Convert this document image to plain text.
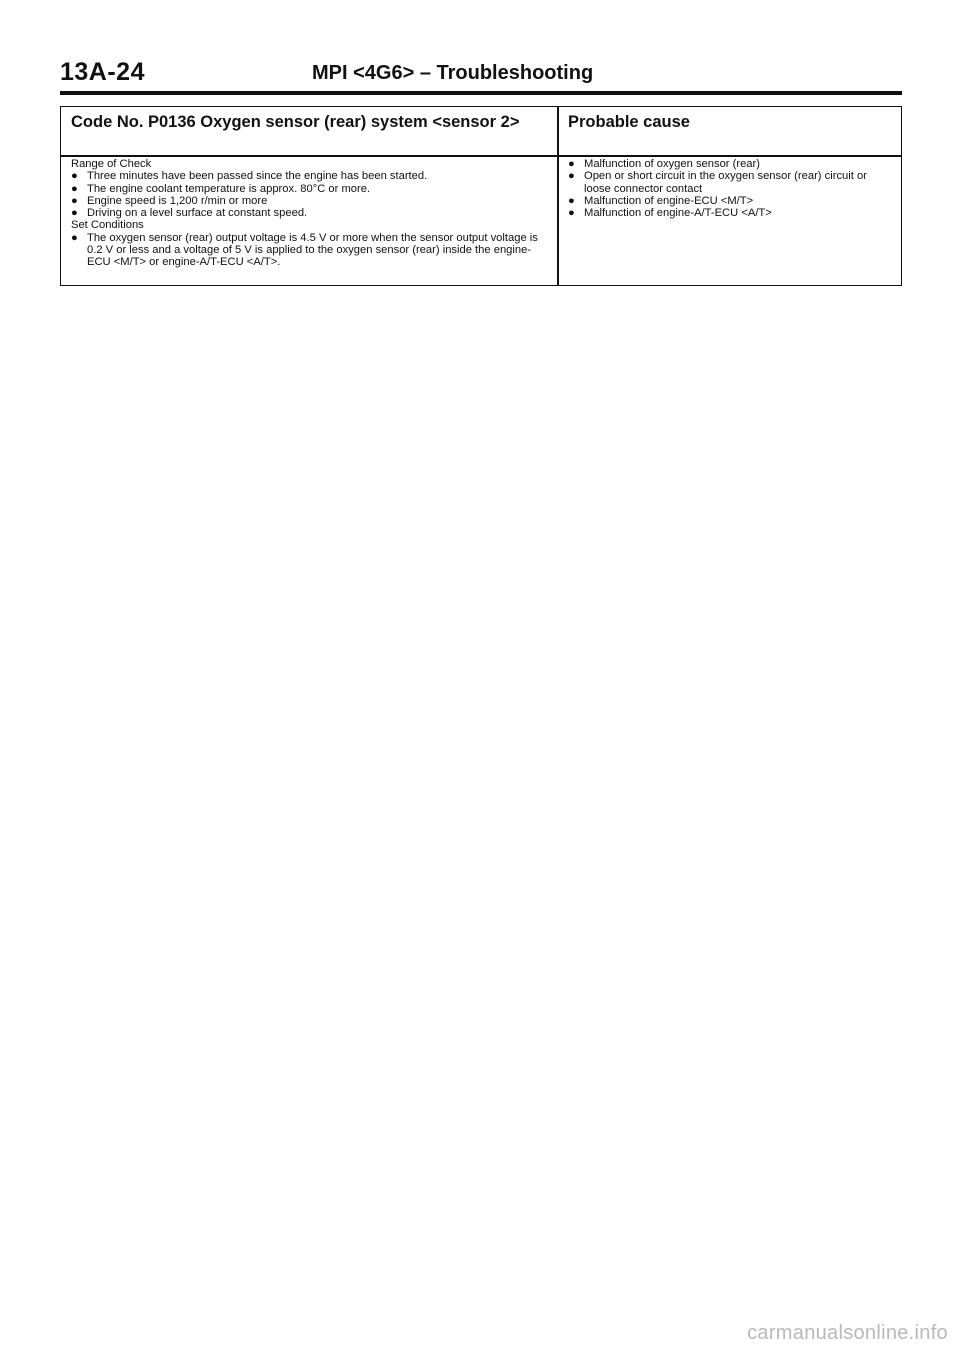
13A-24	MPI <4G6> – Troubleshooting
Code No. P0136 Oxygen sensor (rear) system <sensor 2>	Probable cause
Range of Check
● Three minutes have been passed since the engine has been started.
● The engine coolant temperature is approx. 80°C or more.
● Engine speed is 1,200 r/min or more
● Driving on a level surface at constant speed.
Set Conditions
● The oxygen sensor (rear) output voltage is 4.5 V or more when the sensor output voltage is 0.2 V or less and a voltage of 5 V is applied to the oxygen sensor (rear) inside the engine-ECU <M/T> or engine-A/T-ECU <A/T>.
● Malfunction of oxygen sensor (rear)
● Open or short circuit in the oxygen sensor (rear) circuit or loose connector contact
● Malfunction of engine-ECU <M/T>
● Malfunction of engine-A/T-ECU <A/T>
carmanualsonline.info
